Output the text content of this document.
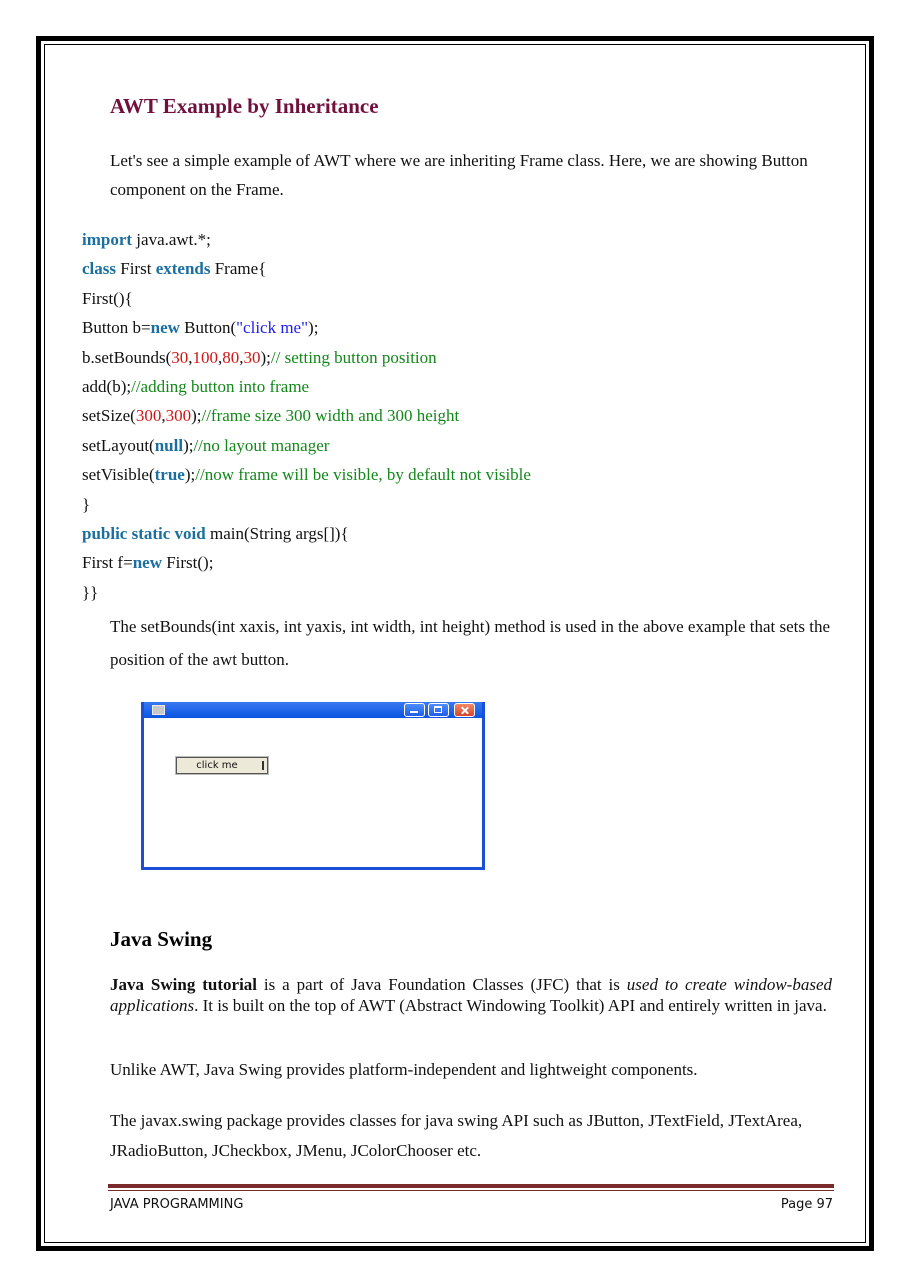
AWT Example by Inheritance
Let's see a simple example of AWT where we are inheriting Frame class. Here, we are showing Button component on the Frame.
import java.awt.*;
class First extends Frame{
First(){
Button b=new Button("click me");
b.setBounds(30,100,80,30);// setting button position
add(b);//adding button into frame
setSize(300,300);//frame size 300 width and 300 height
setLayout(null);//no layout manager
setVisible(true);//now frame will be visible, by default not visible
}
public static void main(String args[]){
First f=new First();
}}
The setBounds(int xaxis, int yaxis, int width, int height) method is used in the above example that sets the position of the awt button.
click me
Java Swing
Java Swing tutorial is a part of Java Foundation Classes (JFC) that is used to create window-based applications. It is built on the top of AWT (Abstract Windowing Toolkit) API and entirely written in java.
Unlike AWT, Java Swing provides platform-independent and lightweight components.
The javax.swing package provides classes for java swing API such as JButton, JTextField, JTextArea, JRadioButton, JCheckbox, JMenu, JColorChooser etc.
JAVA PROGRAMMING	Page 97
